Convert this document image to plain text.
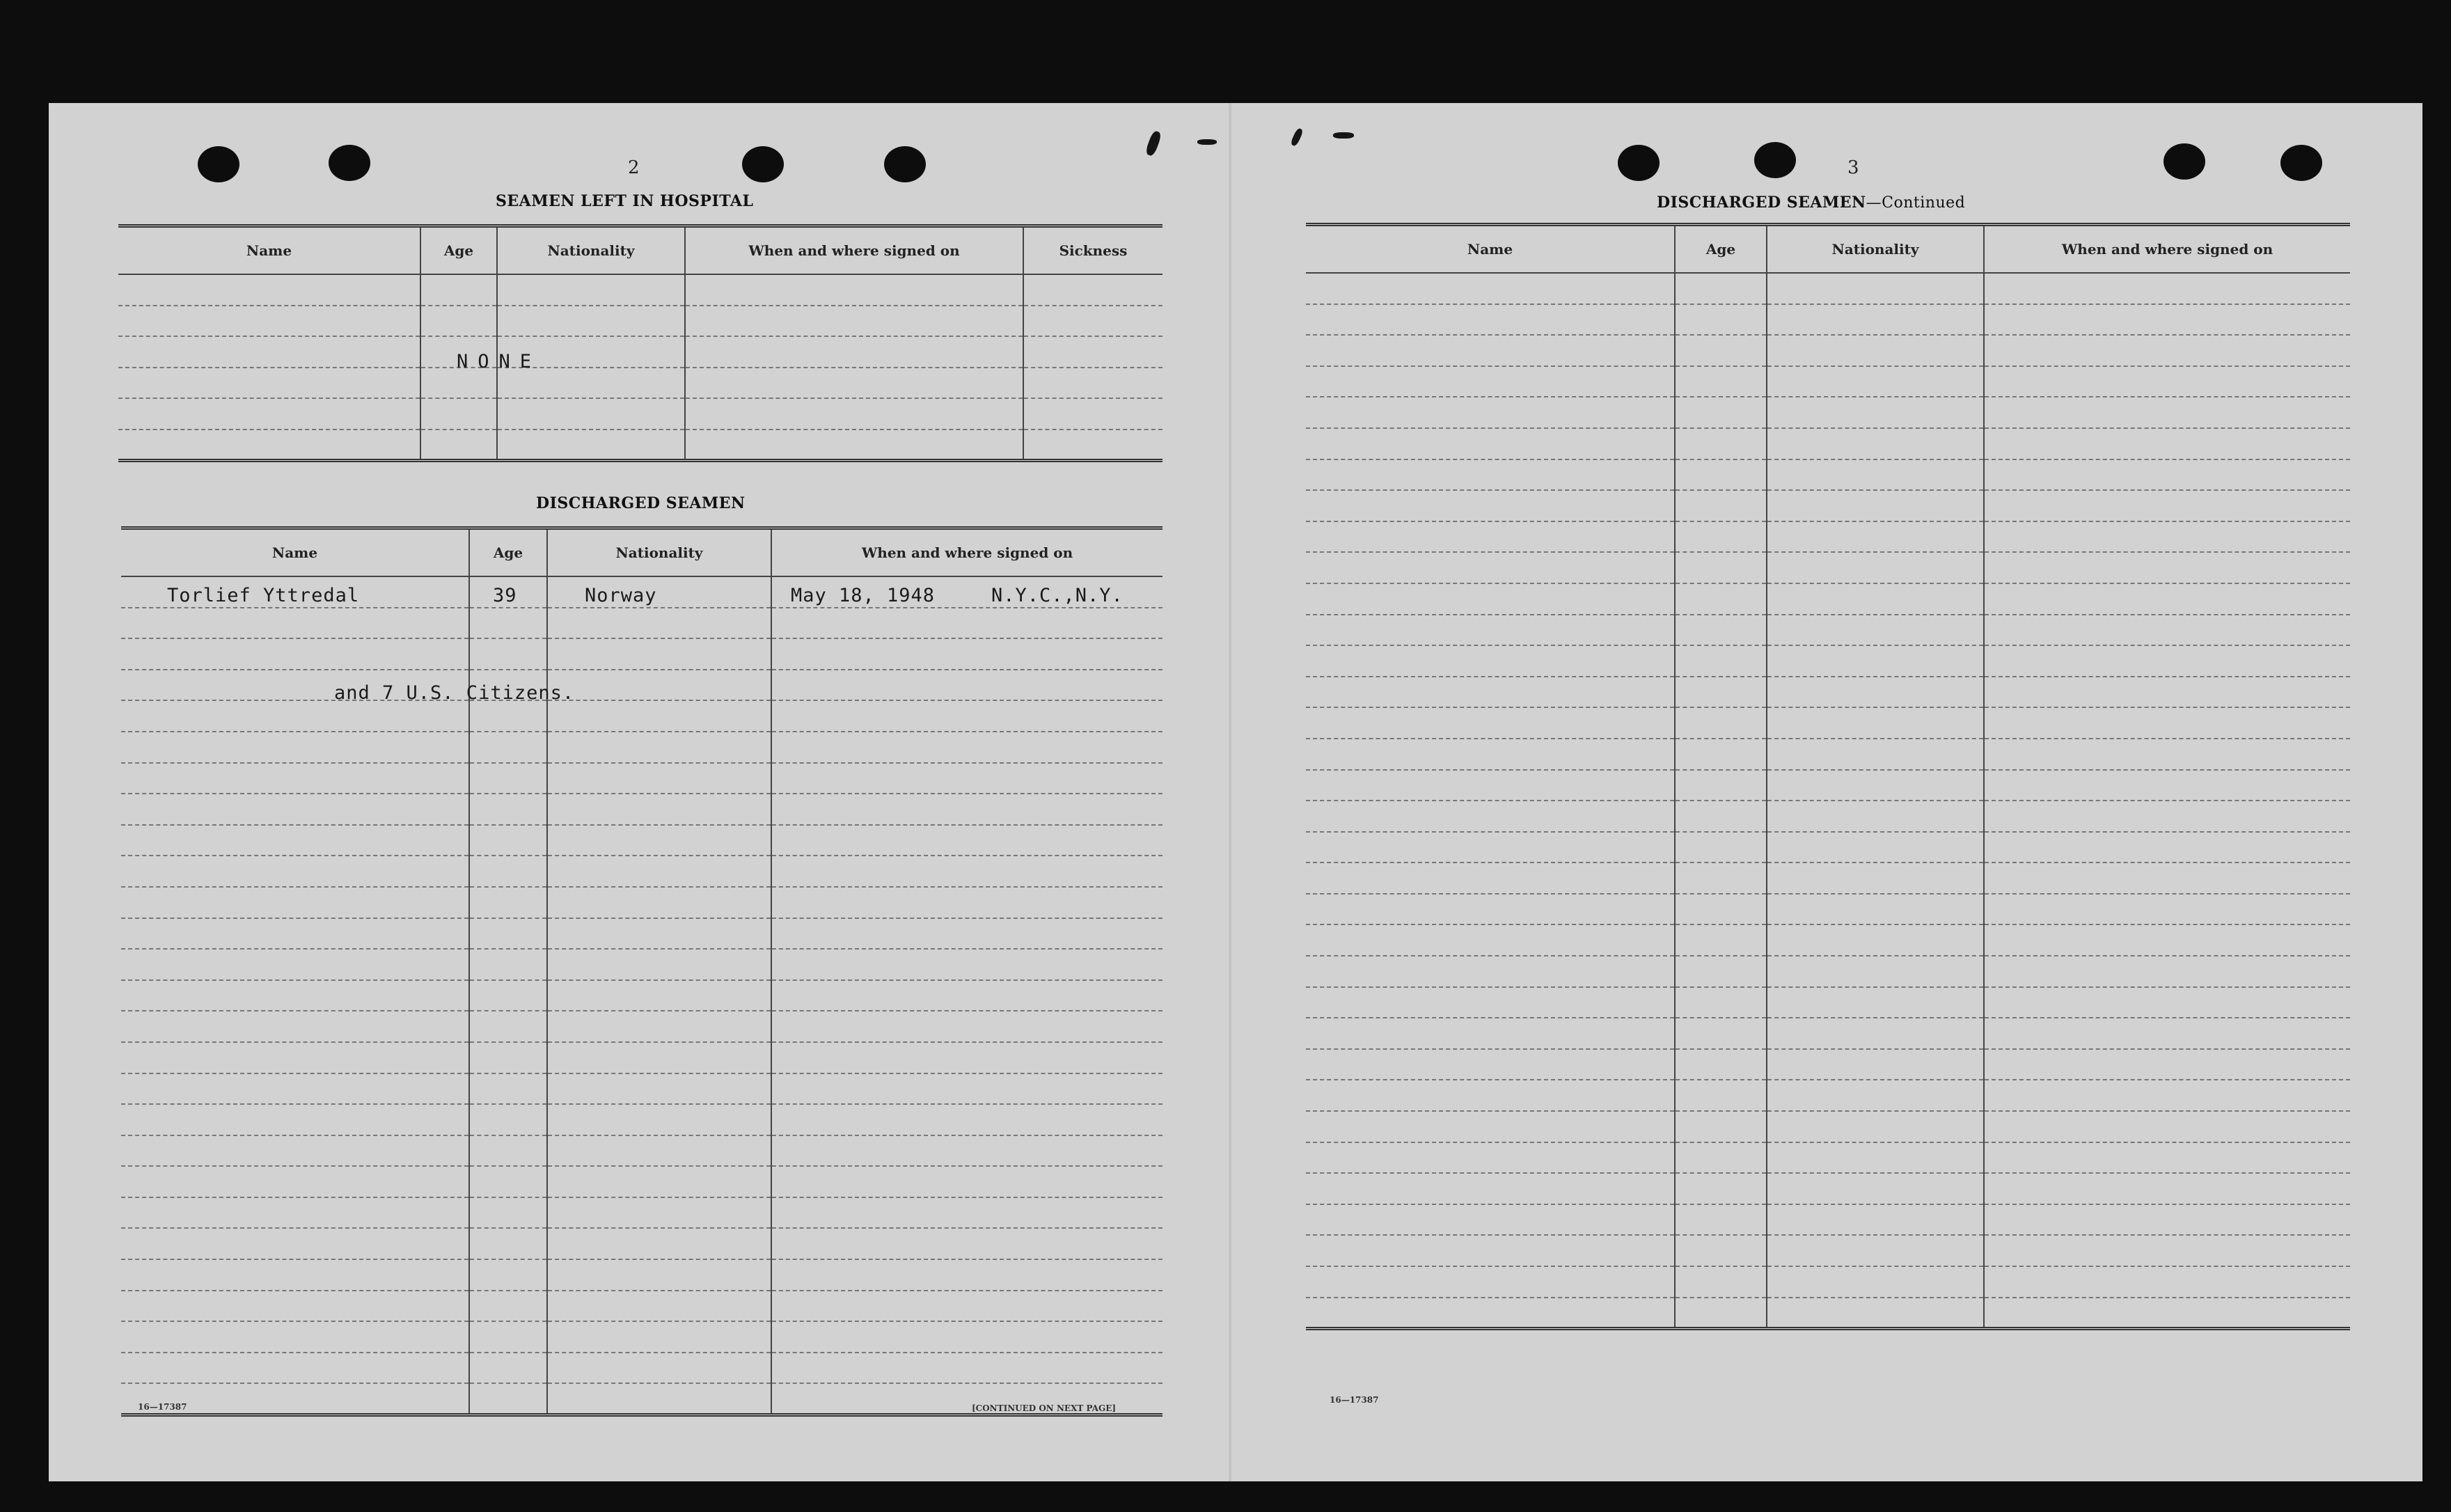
2
SEAMEN LEFT IN HOSPITAL
Name	Age	Nationality	When and where signed on	Sickness

NONE
DISCHARGED SEAMEN
Name	Age	Nationality	When and where signed on

Torlief Yttredal	39	Norway	May 18, 1948	N.Y.C.,N.Y.
and 7 U.S. Citizens.
16—17387	[CONTINUED ON NEXT PAGE]
3
DISCHARGED SEAMEN—Continued
Name	Age	Nationality	When and where signed on

16—17387
